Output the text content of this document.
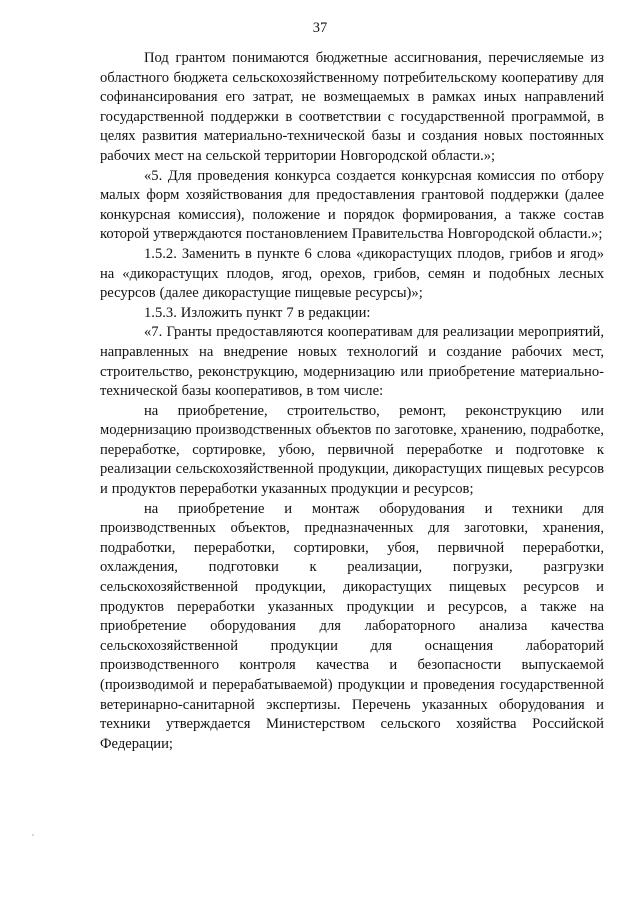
37

Под грантом понимаются бюджетные ассигнования, перечисляемые из областного бюджета сельскохозяйственному потребительскому кооперативу для софинансирования его затрат, не возмещаемых в рамках иных направлений государственной поддержки в соответствии с государственной программой, в целях развития материально-технической базы и создания новых постоянных рабочих мест на сельской территории Новгородской области.»;

«5. Для проведения конкурса создается конкурсная комиссия по отбору малых форм хозяйствования для предоставления грантовой поддержки (далее конкурсная комиссия), положение и порядок формирования, а также состав которой утверждаются постановлением Правительства Новгородской области.»;

1.5.2. Заменить в пункте 6 слова «дикорастущих плодов, грибов и ягод» на «дикорастущих плодов, ягод, орехов, грибов, семян и подобных лесных ресурсов (далее дикорастущие пищевые ресурсы)»;

1.5.3. Изложить пункт 7 в редакции:

«7. Гранты предоставляются кооперативам для реализации мероприятий, направленных на внедрение новых технологий и создание рабочих мест, строительство, реконструкцию, модернизацию или приобретение материально-технической базы кооперативов, в том числе:

на приобретение, строительство, ремонт, реконструкцию или модернизацию производственных объектов по заготовке, хранению, подработке, переработке, сортировке, убою, первичной переработке и подготовке к реализации сельскохозяйственной продукции, дикорастущих пищевых ресурсов и продуктов переработки указанных продукции и ресурсов;

на приобретение и монтаж оборудования и техники для производственных объектов, предназначенных для заготовки, хранения, подработки, переработки, сортировки, убоя, первичной переработки, охлаждения, подготовки к реализации, погрузки, разгрузки сельскохозяйственной продукции, дикорастущих пищевых ресурсов и продуктов переработки указанных продукции и ресурсов, а также на приобретение оборудования для лабораторного анализа качества сельскохозяйственной продукции для оснащения лабораторий производственного контроля качества и безопасности выпускаемой (производимой и перерабатываемой) продукции и проведения государственной ветеринарно-санитарной экспертизы. Перечень указанных оборудования и техники утверждается Министерством сельского хозяйства Российской Федерации;
